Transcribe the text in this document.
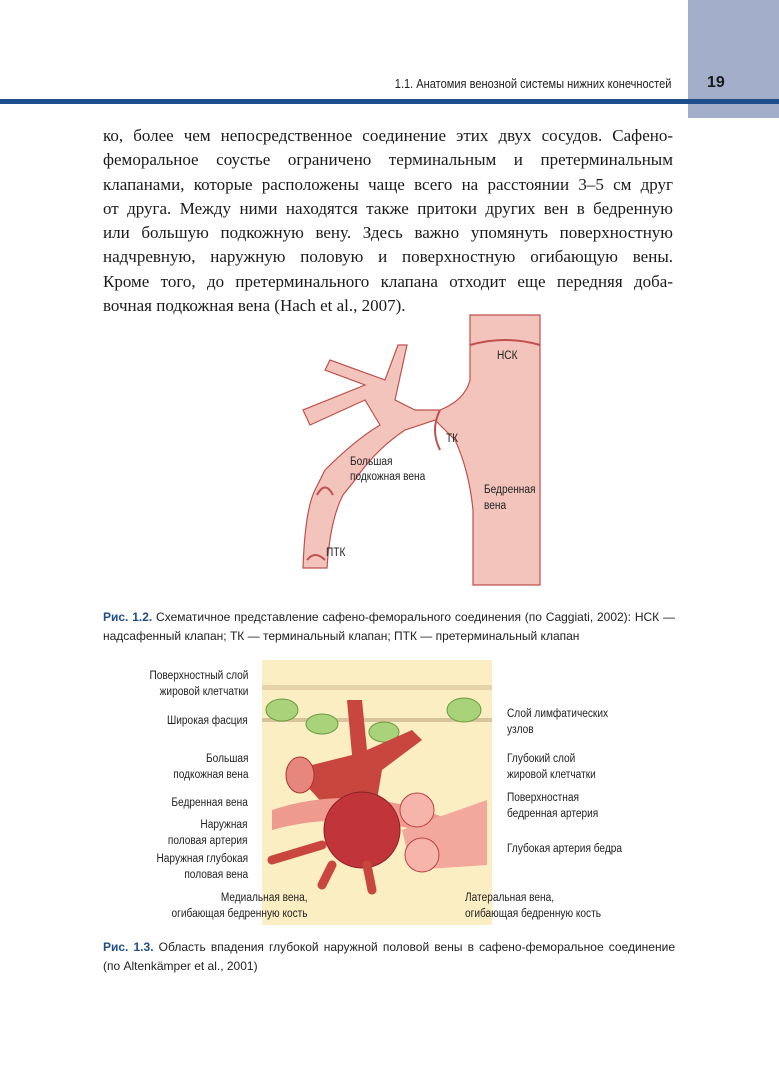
1.1. Анатомия венозной системы нижних конечностей 19

ко, более чем непосредственное соединение этих двух сосудов. Сафено-
феморальное соустье ограничено терминальным и претерминальным
клапанами, которые расположены чаще всего на расстоянии 3–5 см друг
от друга. Между ними находятся также притоки других вен в бедренную
или большую подкожную вену. Здесь важно упомянуть поверхностную
надчревную, наружную половую и поверхностную огибающую вены.
Кроме того, до претерминального клапана отходит еще передняя доба-
вочная подкожная вена (Hach et al., 2007).

НСК
ТК
Большая
подкожная вена
Бедренная
вена
ПТК
Рис. 1.2. Схематичное представление сафено-феморального соединения (по Caggiati, 2002): НСК — надсафенный клапан; ТК — терминальный клапан; ПТК — претерминальный клапан
Поверхностный слой
жировой клетчатки
Широкая фасция
Большая
подкожная вена
Бедренная вена
Наружная
половая артерия
Наружная глубокая
половая вена
Медиальная вена,
огибающая бедренную кость
Слой лимфатических
узлов
Глубокий слой
жировой клетчатки
Поверхностная
бедренная артерия
Глубокая артерия бедра
Латеральная вена,
огибающая бедренную кость
Рис. 1.3. Область впадения глубокой наружной половой вены в сафено-феморальное соединение (по Altenkämper et al., 2001)
